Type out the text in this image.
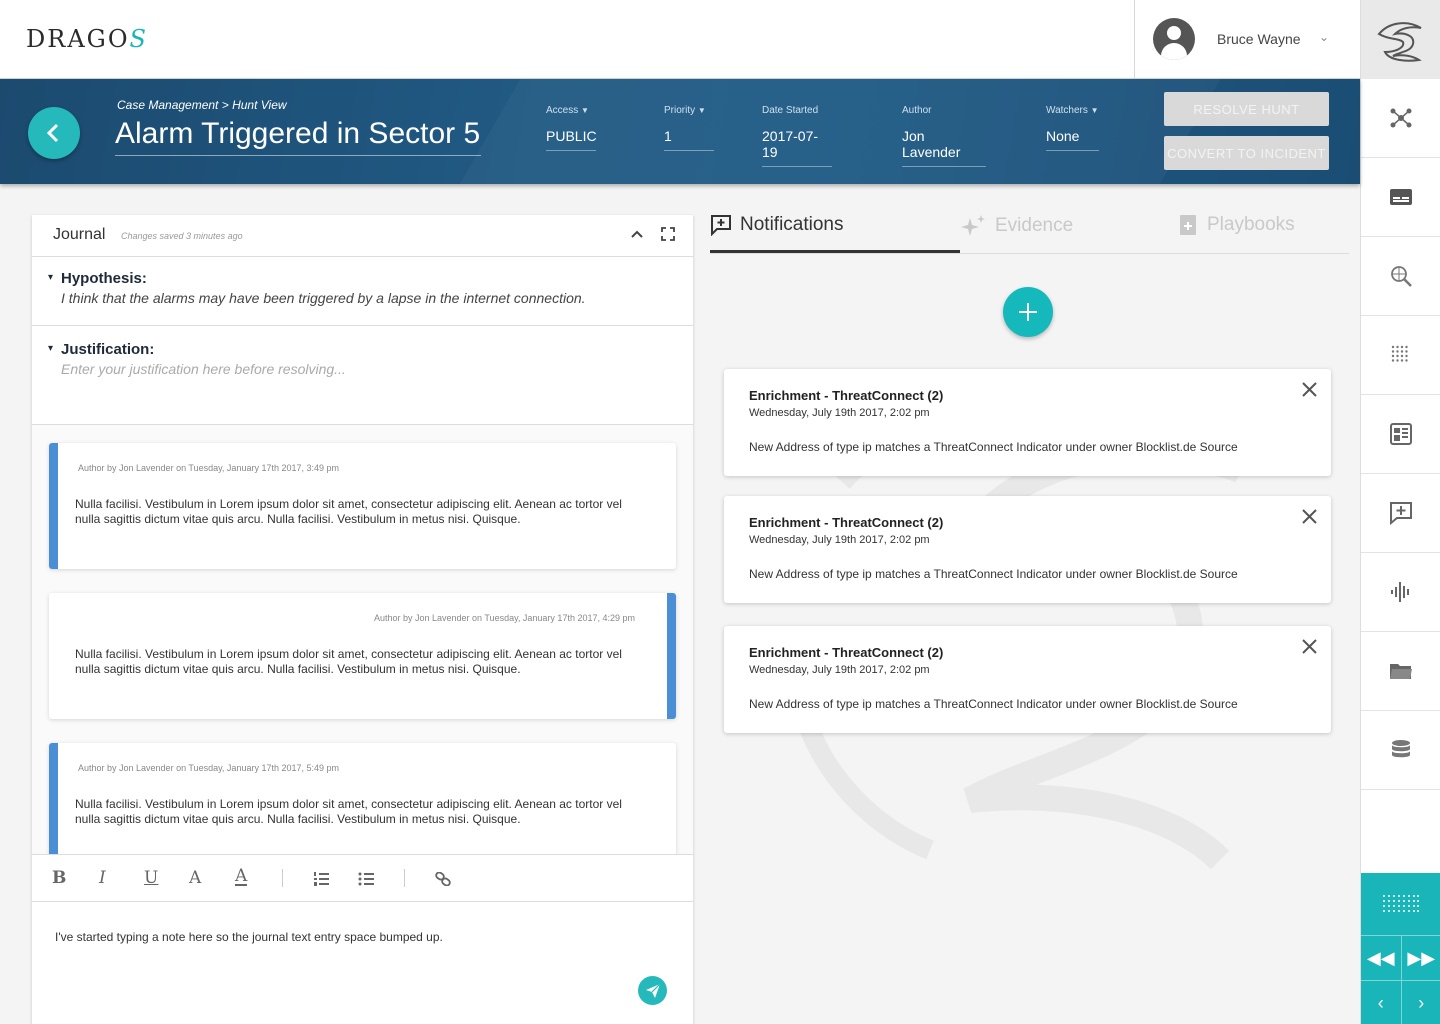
DRAGOS	Bruce Wayne ⌄
◀◀ ▶▶
‹ ›
Case Management > Hunt View
Alarm Triggered in Sector 5
Access ▼
PUBLIC
Priority ▼
1
Date Started
2017-07-19
Author
Jon Lavender
Watchers ▼
None
RESOLVE HUNT
CONVERT TO INCIDENT
Journal Changes saved 3 minutes ago
▾ Hypothesis:
I think that the alarms may have been triggered by a lapse in the internet connection.
▾ Justification:
Enter your justification here before resolving...
Author by Jon Lavender on Tuesday, January 17th 2017, 3:49 pm
Nulla facilisi. Vestibulum in Lorem ipsum dolor sit amet, consectetur adipiscing elit. Aenean ac tortor vel nulla sagittis dictum vitae quis arcu. Nulla facilisi. Vestibulum in metus nisi. Quisque.
Author by Jon Lavender on Tuesday, January 17th 2017, 4:29 pm
Nulla facilisi. Vestibulum in Lorem ipsum dolor sit amet, consectetur adipiscing elit. Aenean ac tortor vel nulla sagittis dictum vitae quis arcu. Nulla facilisi. Vestibulum in metus nisi. Quisque.
Author by Jon Lavender on Tuesday, January 17th 2017, 5:49 pm
Nulla facilisi. Vestibulum in Lorem ipsum dolor sit amet, consectetur adipiscing elit. Aenean ac tortor vel nulla sagittis dictum vitae quis arcu. Nulla facilisi. Vestibulum in metus nisi. Quisque.
B I U A A
I've started typing a note here so the journal text entry space bumped up.
Notifications	Evidence	Playbooks
Enrichment - ThreatConnect (2)
Wednesday, July 19th 2017, 2:02 pm
New Address of type ip matches a ThreatConnect Indicator under owner Blocklist.de Source
Enrichment - ThreatConnect (2)
Wednesday, July 19th 2017, 2:02 pm
New Address of type ip matches a ThreatConnect Indicator under owner Blocklist.de Source
Enrichment - ThreatConnect (2)
Wednesday, July 19th 2017, 2:02 pm
New Address of type ip matches a ThreatConnect Indicator under owner Blocklist.de Source
